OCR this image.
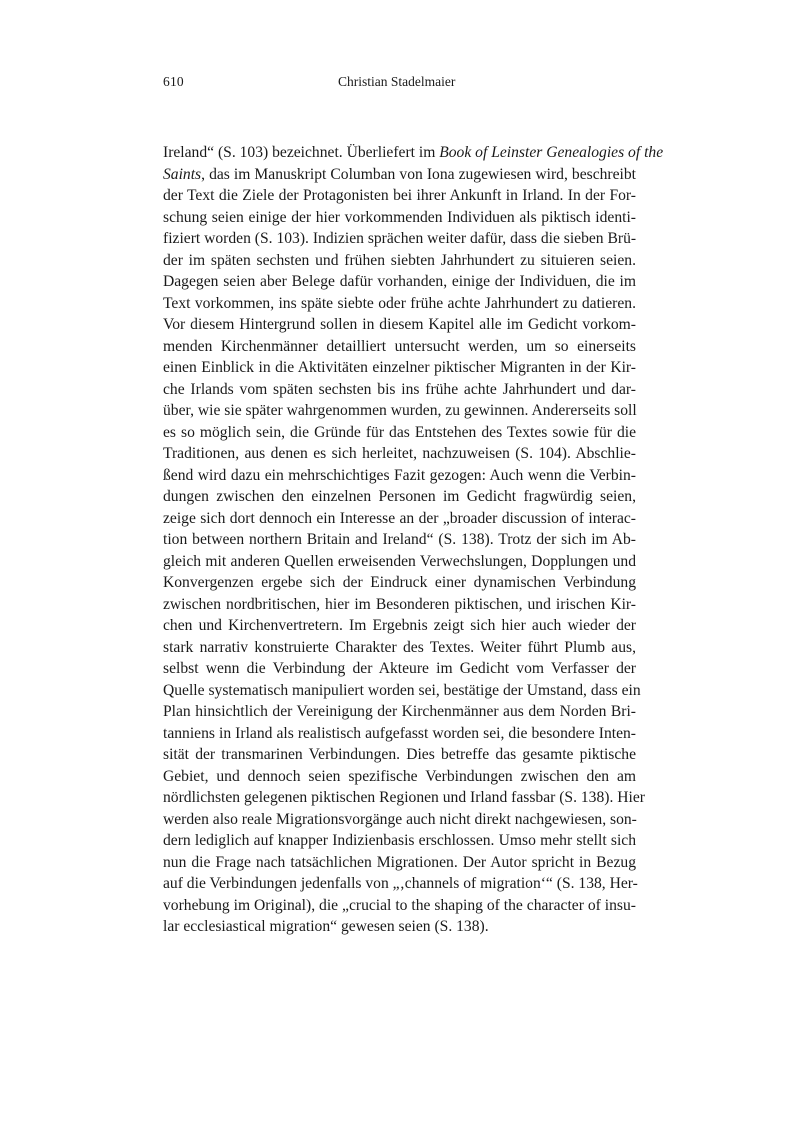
610	Christian Stadelmaier
Ireland“ (S. 103) bezeichnet. Überliefert im Book of Leinster Genealogies of the
Saints, das im Manuskript Columban von Iona zugewiesen wird, beschreibt
der Text die Ziele der Protagonisten bei ihrer Ankunft in Irland. In der For-
schung seien einige der hier vorkommenden Individuen als piktisch identi-
fiziert worden (S. 103). Indizien sprächen weiter dafür, dass die sieben Brü-
der im späten sechsten und frühen siebten Jahrhundert zu situieren seien.
Dagegen seien aber Belege dafür vorhanden, einige der Individuen, die im
Text vorkommen, ins späte siebte oder frühe achte Jahrhundert zu datieren.
Vor diesem Hintergrund sollen in diesem Kapitel alle im Gedicht vorkom-
menden Kirchenmänner detailliert untersucht werden, um so einerseits
einen Einblick in die Aktivitäten einzelner piktischer Migranten in der Kir-
che Irlands vom späten sechsten bis ins frühe achte Jahrhundert und dar-
über, wie sie später wahrgenommen wurden, zu gewinnen. Andererseits soll
es so möglich sein, die Gründe für das Entstehen des Textes sowie für die
Traditionen, aus denen es sich herleitet, nachzuweisen (S. 104). Abschlie-
ßend wird dazu ein mehrschichtiges Fazit gezogen: Auch wenn die Verbin-
dungen zwischen den einzelnen Personen im Gedicht fragwürdig seien,
zeige sich dort dennoch ein Interesse an der „broader discussion of interac-
tion between northern Britain and Ireland“ (S. 138). Trotz der sich im Ab-
gleich mit anderen Quellen erweisenden Verwechslungen, Dopplungen und
Konvergenzen ergebe sich der Eindruck einer dynamischen Verbindung
zwischen nordbritischen, hier im Besonderen piktischen, und irischen Kir-
chen und Kirchenvertretern. Im Ergebnis zeigt sich hier auch wieder der
stark narrativ konstruierte Charakter des Textes. Weiter führt Plumb aus,
selbst wenn die Verbindung der Akteure im Gedicht vom Verfasser der
Quelle systematisch manipuliert worden sei, bestätige der Umstand, dass ein
Plan hinsichtlich der Vereinigung der Kirchenmänner aus dem Norden Bri-
tanniens in Irland als realistisch aufgefasst worden sei, die besondere Inten-
sität der transmarinen Verbindungen. Dies betreffe das gesamte piktische
Gebiet, und dennoch seien spezifische Verbindungen zwischen den am
nördlichsten gelegenen piktischen Regionen und Irland fassbar (S. 138). Hier
werden also reale Migrationsvorgänge auch nicht direkt nachgewiesen, son-
dern lediglich auf knapper Indizienbasis erschlossen. Umso mehr stellt sich
nun die Frage nach tatsächlichen Migrationen. Der Autor spricht in Bezug
auf die Verbindungen jedenfalls von „‚channels of migration‘“ (S. 138, Her-
vorhebung im Original), die „crucial to the shaping of the character of insu-
lar ecclesiastical migration“ gewesen seien (S. 138).
